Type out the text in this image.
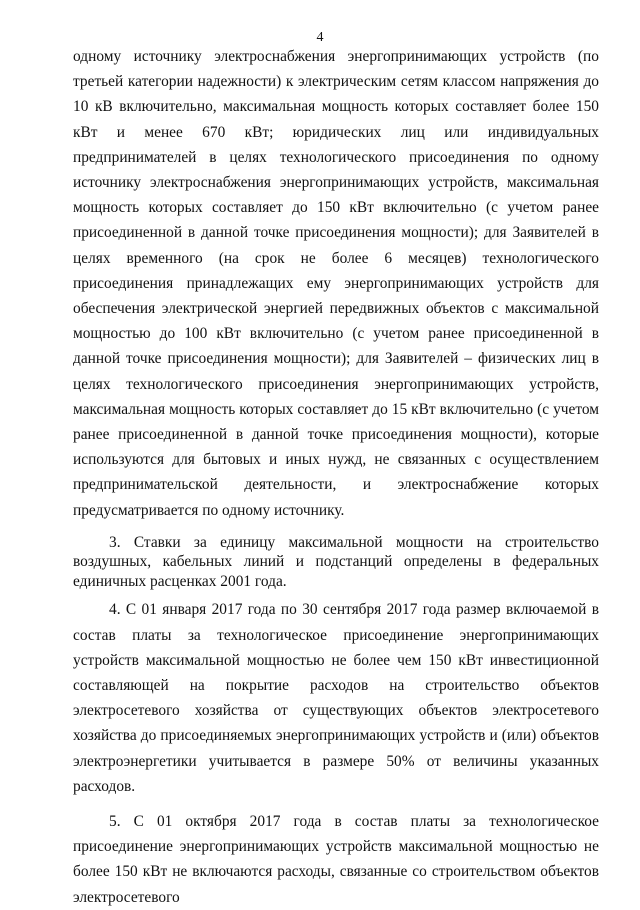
4

одному источнику электроснабжения энергопринимающих устройств (по третьей категории надежности) к электрическим сетям классом напряжения до 10 кВ включительно, максимальная мощность которых составляет более 150 кВт и менее 670 кВт; юридических лиц или индивидуальных предпринимателей в целях технологического присоединения по одному источнику электроснабжения энергопринимающих устройств, максимальная мощность которых составляет до 150 кВт включительно (с учетом ранее присоединенной в данной точке присоединения мощности); для Заявителей в целях временного (на срок не более 6 месяцев) технологического присоединения принадлежащих ему энергопринимающих устройств для обеспечения электрической энергией передвижных объектов с максимальной мощностью до 100 кВт включительно (с учетом ранее присоединенной в данной точке присоединения мощности); для Заявителей – физических лиц в целях технологического присоединения энергопринимающих устройств, максимальная мощность которых составляет до 15 кВт включительно (с учетом ранее присоединенной в данной точке присоединения мощности), которые используются для бытовых и иных нужд, не связанных с осуществлением предпринимательской деятельности, и электроснабжение которых предусматривается по одному источнику.

3. Ставки за единицу максимальной мощности на строительство воздушных, кабельных линий и подстанций определены в федеральных единичных расценках 2001 года.

4. С 01 января 2017 года по 30 сентября 2017 года размер включаемой в состав платы за технологическое присоединение энергопринимающих устройств максимальной мощностью не более чем 150 кВт инвестиционной составляющей на покрытие расходов на строительство объектов электросетевого хозяйства от существующих объектов электросетевого хозяйства до присоединяемых энергопринимающих устройств и (или) объектов электроэнергетики учитывается в размере 50% от величины указанных расходов.

5. С 01 октября 2017 года в состав платы за технологическое присоединение энергопринимающих устройств максимальной мощностью не более 150 кВт не включаются расходы, связанные со строительством объектов электросетевого
